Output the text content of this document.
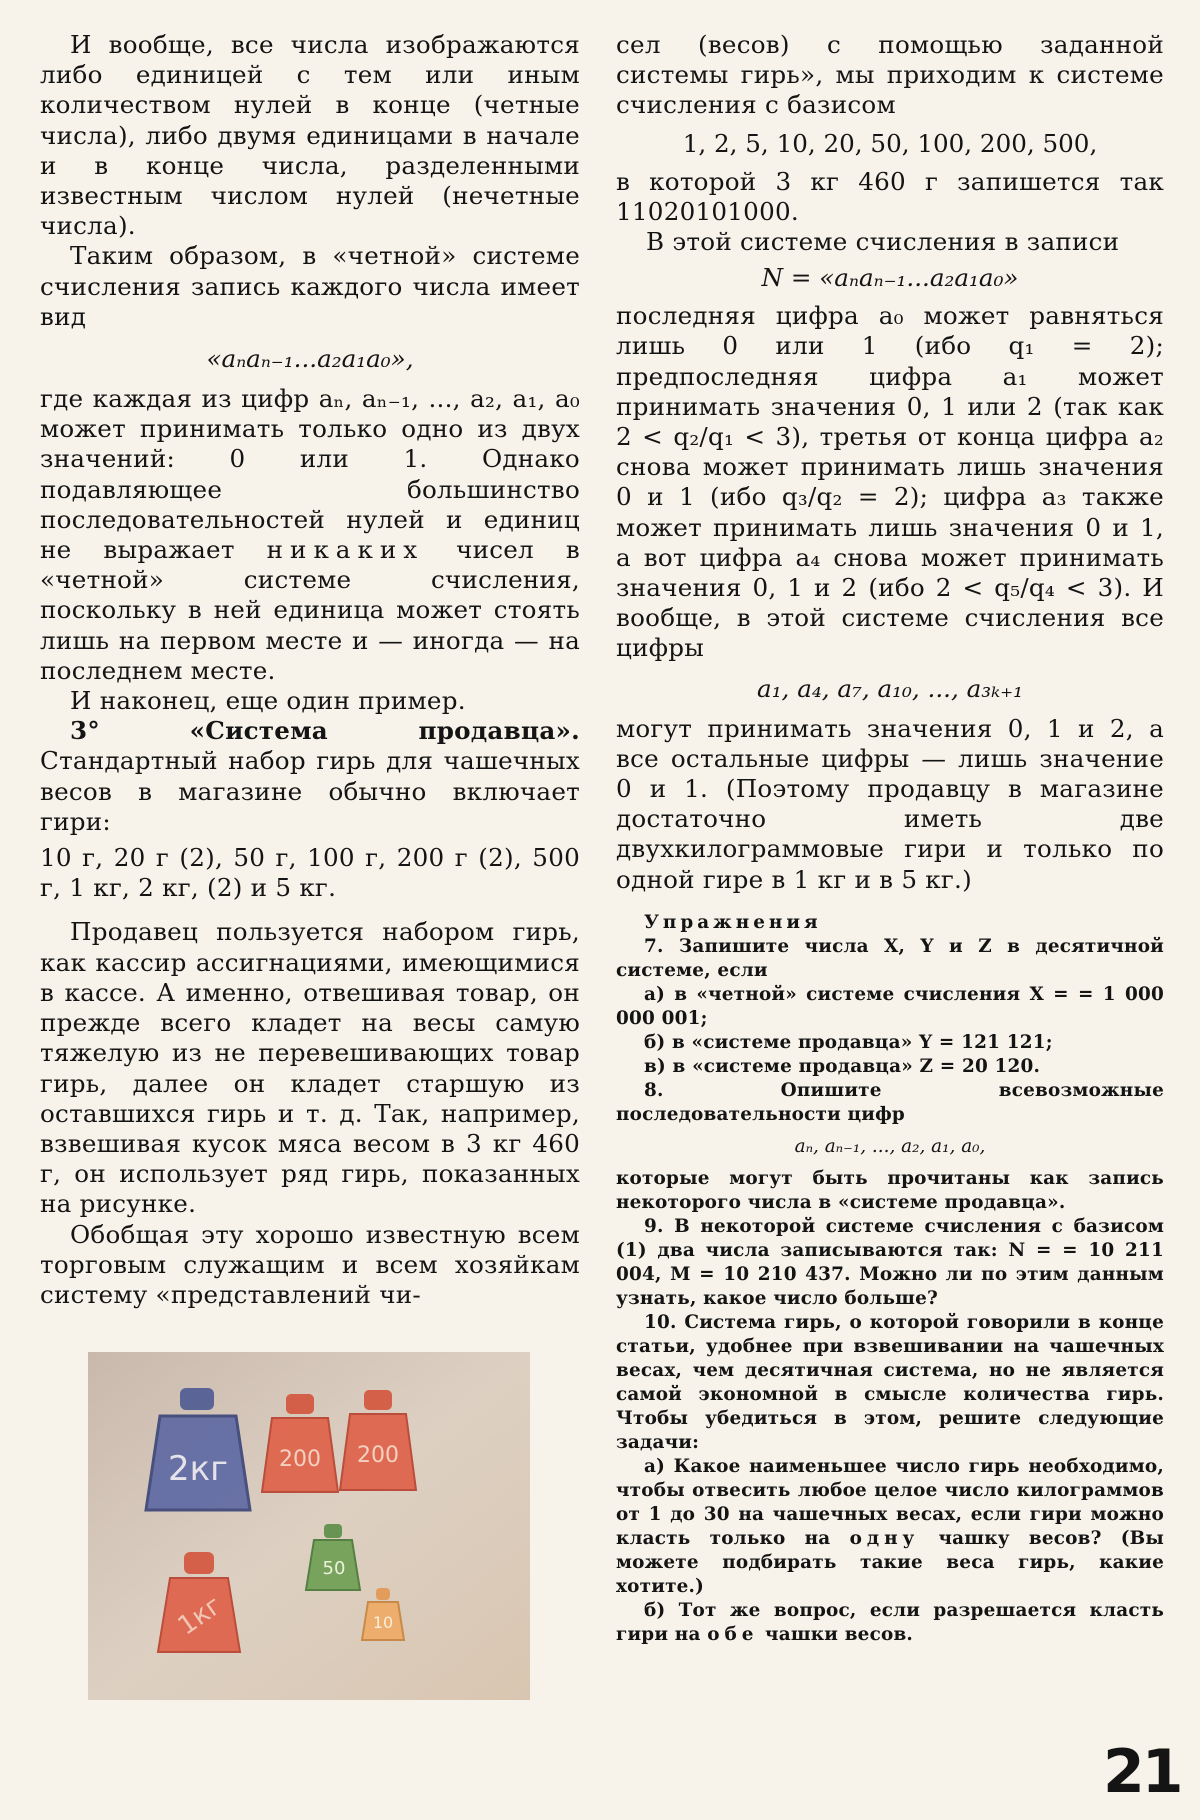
И вообще, все числа изображаются либо единицей с тем или иным количеством нулей в конце (четные числа), либо двумя единицами в начале и в конце числа, разделенными известным числом нулей (нечетные числа).

Таким образом, в «четной» системе счисления запись каждого числа имеет вид

«aₙaₙ₋₁...a₂a₁a₀»,

где каждая из цифр aₙ, aₙ₋₁, ..., a₂, a₁, a₀ может принимать только одно из двух значений: 0 или 1. Однако подавляющее большинство последовательностей нулей и единиц не выражает никаких чисел в «четной» системе счисления, поскольку в ней единица может стоять лишь на первом месте и — иногда — на последнем месте.

И наконец, еще один пример.

3°	«Система продавца». Стандартный набор гирь для чашечных весов в магазине обычно включает гири:

10 г, 20 г (2), 50 г, 100 г, 200 г (2), 500 г, 1 кг, 2 кг, (2) и 5 кг.

Продавец пользуется набором гирь, как кассир ассигнациями, имеющимися в кассе. А именно, отвешивая товар, он прежде всего кладет на весы самую тяжелую из не перевешивающих товар гирь, далее он кладет старшую из оставшихся гирь и т. д. Так, например, взвешивая кусок мяса весом в 3 кг 460 г, он использует ряд гирь, показанных на рисунке.

Обобщая эту хорошо известную всем торговым служащим и всем хозяйкам систему «представлений чи-

сел (весов) с помощью заданной системы гирь», мы приходим к системе счисления с базисом

1, 2, 5, 10, 20, 50, 100, 200, 500,

в которой 3 кг 460 г запишется так 11020101000.

В этой системе счисления в записи

N = «aₙaₙ₋₁...a₂a₁a₀»

последняя цифра a₀ может равняться лишь 0 или 1 (ибо q₁ = 2); предпоследняя цифра a₁ может принимать значения 0, 1 или 2 (так как 2 < q₂/q₁ < 3), третья от конца цифра a₂ снова может принимать лишь значения 0 и 1 (ибо q₃/q₂ = 2); цифра a₃ также может принимать лишь значения 0 и 1, а вот цифра a₄ снова может принимать значения 0, 1 и 2 (ибо 2 < q₅/q₄ < 3). И вообще, в этой системе счисления все цифры

a₁, a₄, a₇, a₁₀, ..., a₃ₖ₊₁

могут принимать значения 0, 1 и 2, а все остальные цифры — лишь значение 0 и 1. (Поэтому продавцу в магазине достаточно иметь две двухкилограммовые гири и только по одной гире в 1 кг и в 5 кг.)

Упражнения

7. Запишите числа X, Y и Z в десятичной системе, если

а) в «четной» системе счисления X = = 1 000 000 001;

б) в «системе продавца» Y = 121 121;

в) в «системе продавца» Z = 20 120.

8. Опишите всевозможные последовательности цифр

aₙ, aₙ₋₁, ..., a₂, a₁, a₀,

которые могут быть прочитаны как запись некоторого числа в «системе продавца».

9. В некоторой системе счисления с базисом (1) два числа записываются так: N = = 10 211 004, M = 10 210 437. Можно ли по этим данным узнать, какое число больше?

10. Система гирь, о которой говорили в конце статьи, удобнее при взвешивании на чашечных весах, чем десятичная система, но не является самой экономной в смысле количества гирь. Чтобы убедиться в этом, решите следующие задачи:

а) Какое наименьшее число гирь необходимо, чтобы отвесить любое целое число килограммов от 1 до 30 на чашечных весах, если гири можно класть только на одну чашку весов? (Вы можете подбирать такие веса гирь, какие хотите.)

б) Тот же вопрос, если разрешается класть гири на обе чашки весов.

2кг 200 200
1кг
50
10
21
